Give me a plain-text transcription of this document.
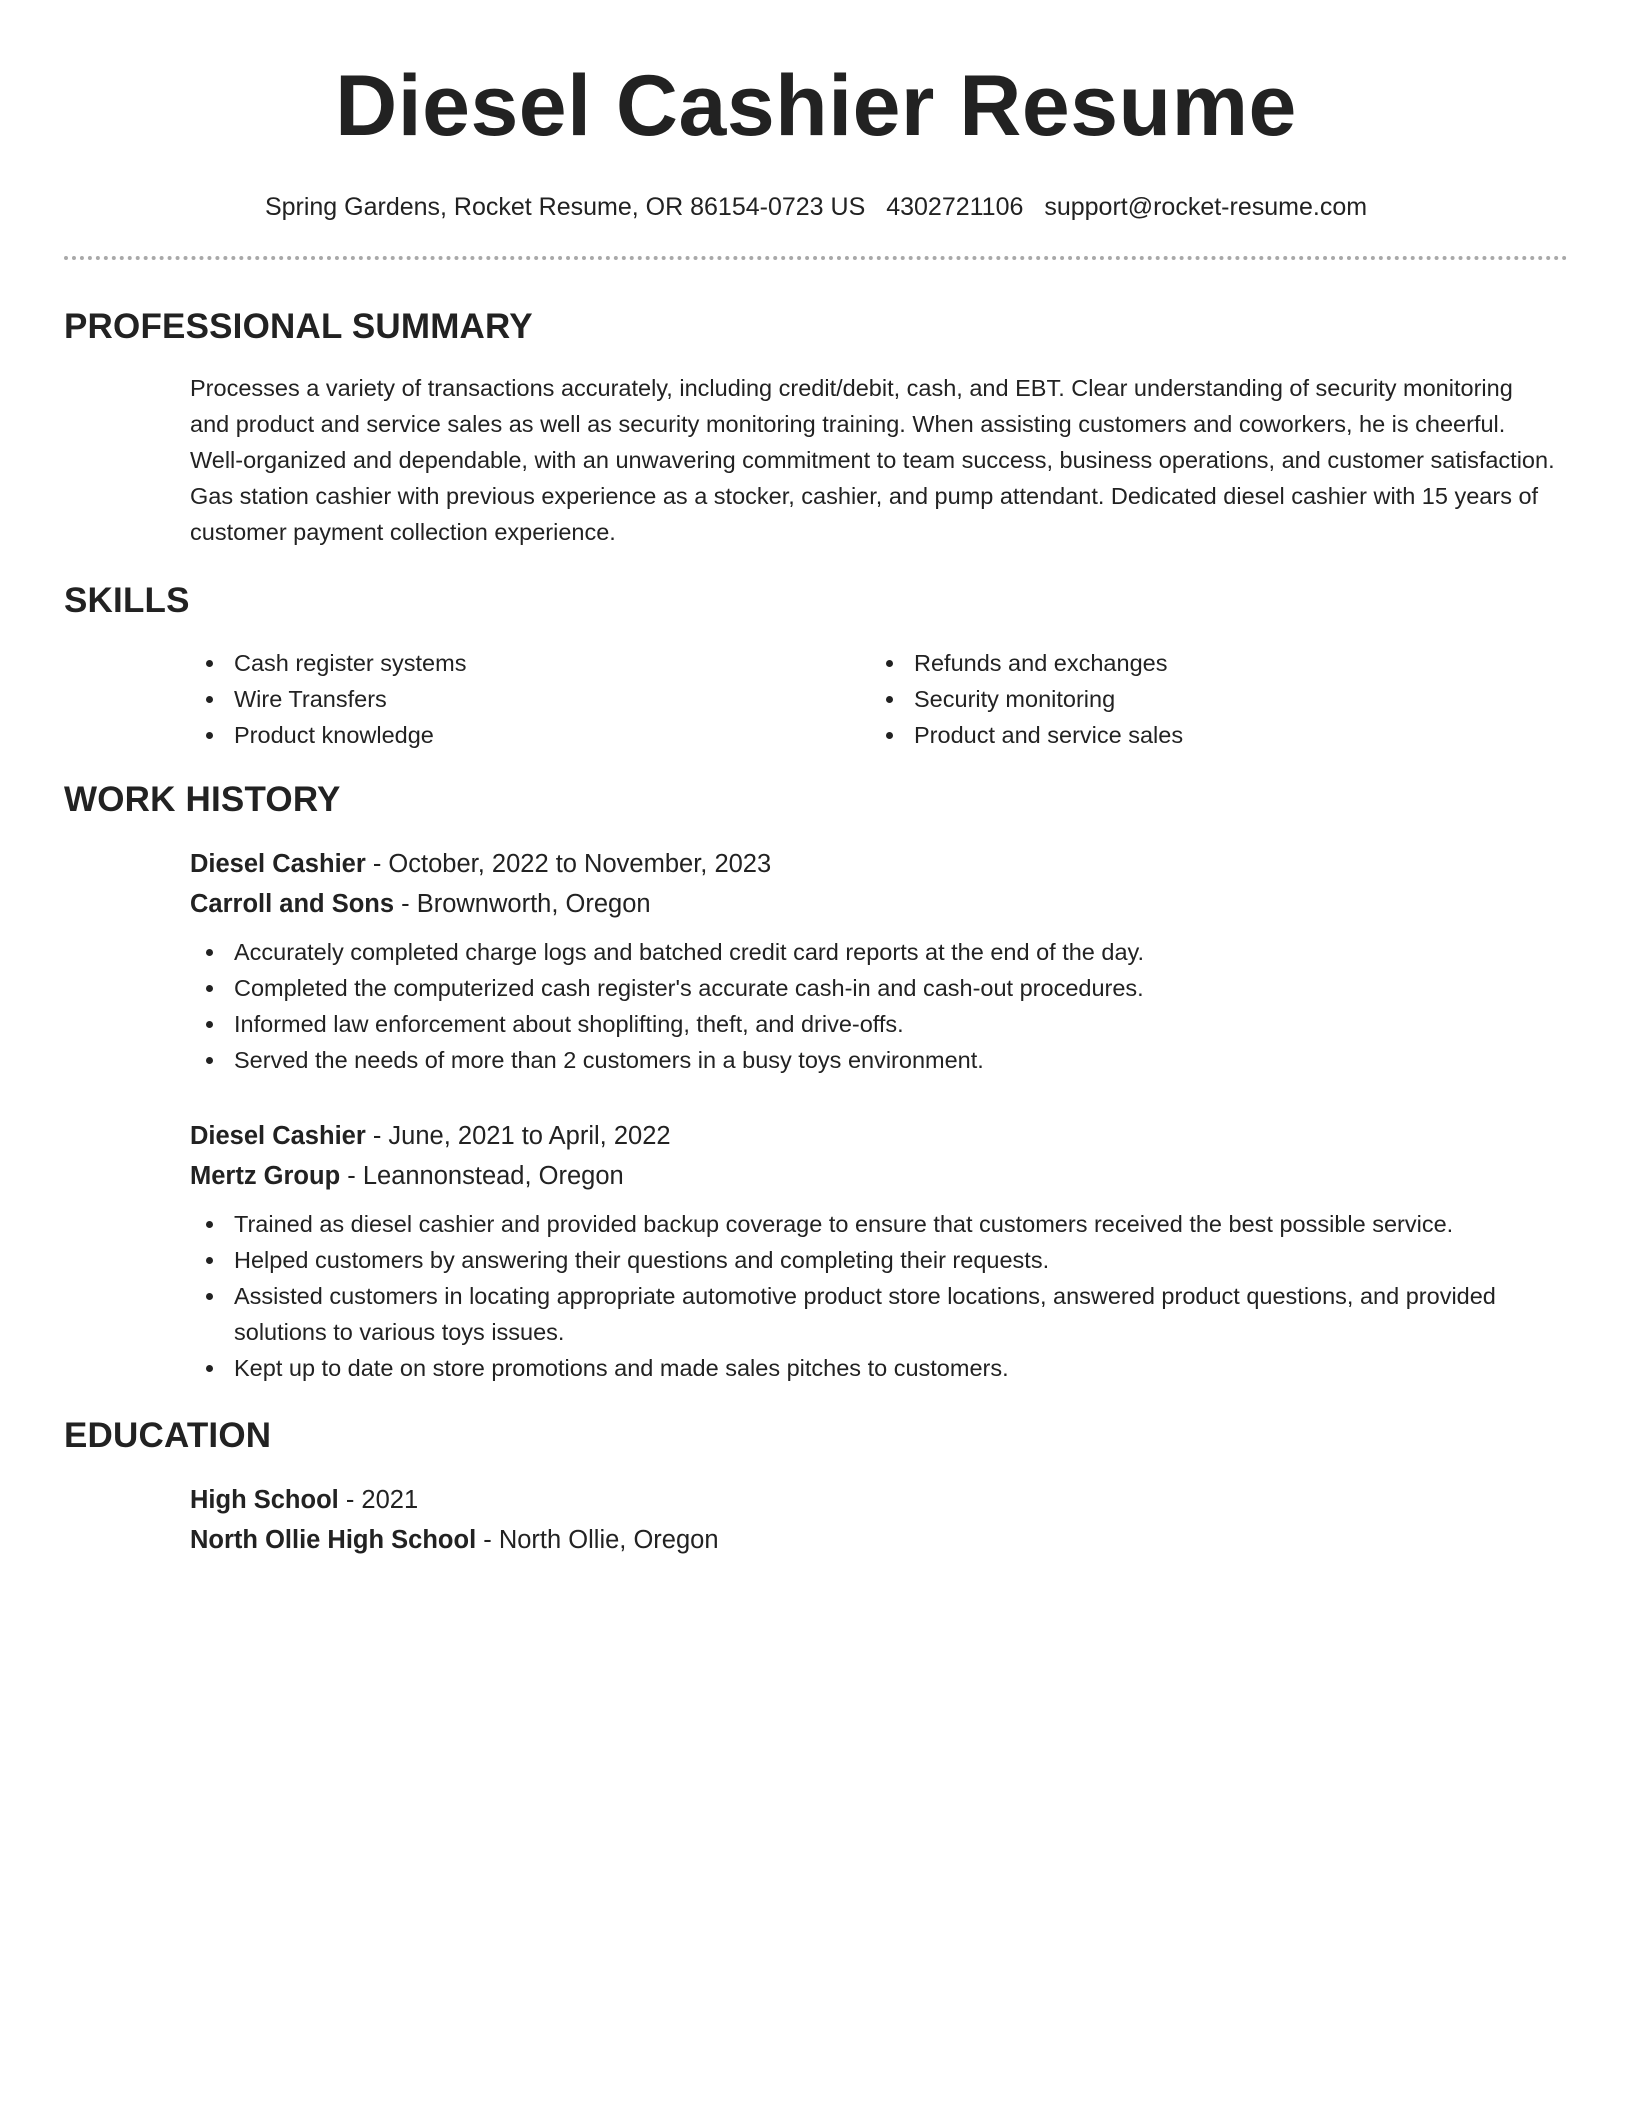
Diesel Cashier Resume
Spring Gardens, Rocket Resume, OR 86154-0723 US 4302721106 support@rocket-resume.com
PROFESSIONAL SUMMARY

Processes a variety of transactions accurately, including credit/debit, cash, and EBT. Clear understanding of security monitoring and product and service sales as well as security monitoring training. When assisting customers and coworkers, he is cheerful. Well-organized and dependable, with an unwavering commitment to team success, business operations, and customer satisfaction. Gas station cashier with previous experience as a stocker, cashier, and pump attendant. Dedicated diesel cashier with 15 years of customer payment collection experience.

SKILLS
Cash register systems
Wire Transfers
Product knowledge
Refunds and exchanges
Security monitoring
Product and service sales
WORK HISTORY
Diesel Cashier - October, 2022 to November, 2023
Carroll and Sons - Brownworth, Oregon
Accurately completed charge logs and batched credit card reports at the end of the day.
Completed the computerized cash register's accurate cash-in and cash-out procedures.
Informed law enforcement about shoplifting, theft, and drive-offs.
Served the needs of more than 2 customers in a busy toys environment.
Diesel Cashier - June, 2021 to April, 2022
Mertz Group - Leannonstead, Oregon
Trained as diesel cashier and provided backup coverage to ensure that customers received the best possible service.
Helped customers by answering their questions and completing their requests.
Assisted customers in locating appropriate automotive product store locations, answered product questions, and provided solutions to various toys issues.
Kept up to date on store promotions and made sales pitches to customers.
EDUCATION
High School - 2021
North Ollie High School - North Ollie, Oregon
